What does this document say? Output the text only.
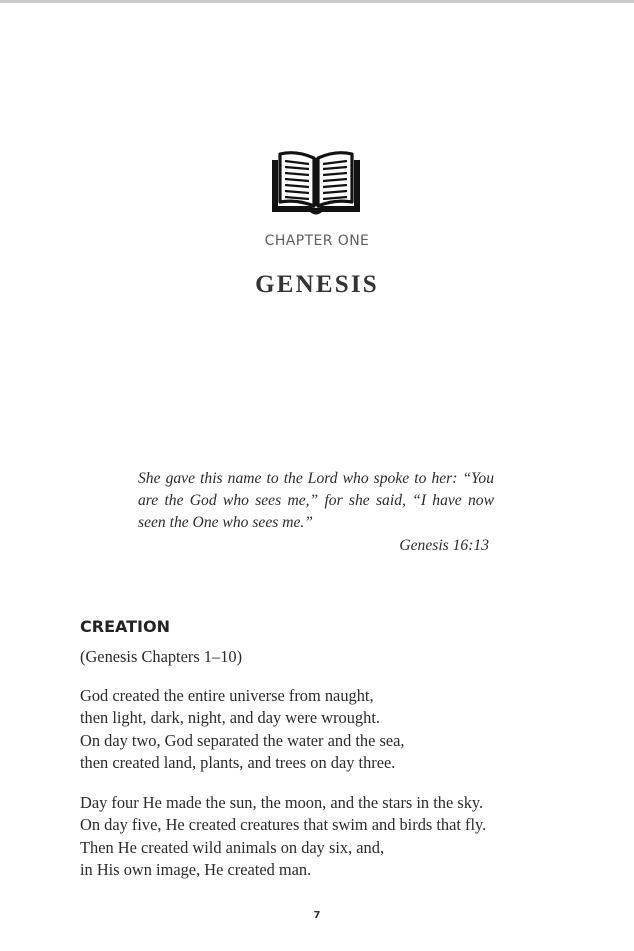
CHAPTER ONE
GENESIS
She gave this name to the Lord who spoke to her: “You are the God who sees me,” for she said, “I have now seen the One who sees me.”
Genesis 16:13
CREATION
(Genesis Chapters 1–10)
God created the entire universe from naught,
then light, dark, night, and day were wrought.
On day two, God separated the water and the sea,
then created land, plants, and trees on day three.
Day four He made the sun, the moon, and the stars in the sky.
On day five, He created creatures that swim and birds that fly.
Then He created wild animals on day six, and,
in His own image, He created man.
7
